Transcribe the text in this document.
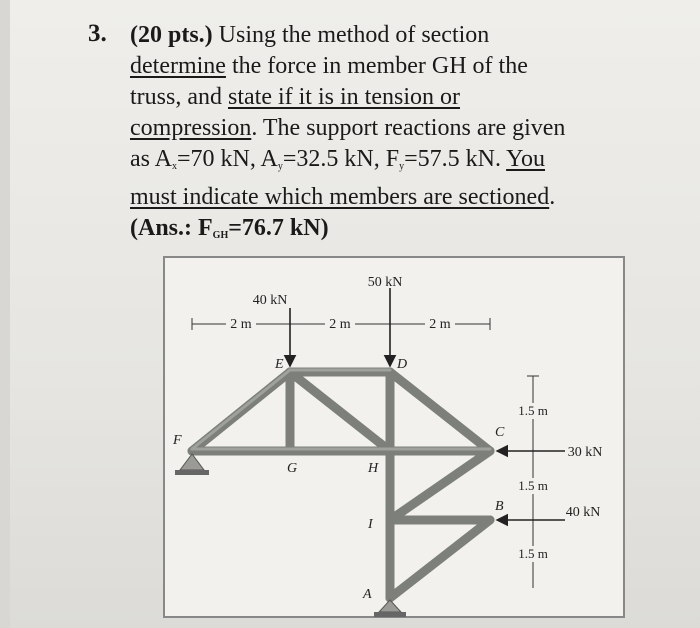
3. (20 pts.) Using the method of section
determine the force in member GH of the
truss, and state if it is in tension or
compression. The support reactions are given
as $A_x=70$ kN, $A_y=32.5$ kN, $F_y=57.5$ kN. You
must indicate which members are sectioned.
(Ans.: $F_{GH}=76.7$ kN)
2 m	2 m	2 m
1.5 m
1.5 m
1.5 m
40 kN
50 kN
30 kN
40 kN
F
E	D
C
G	H
B
I
A
